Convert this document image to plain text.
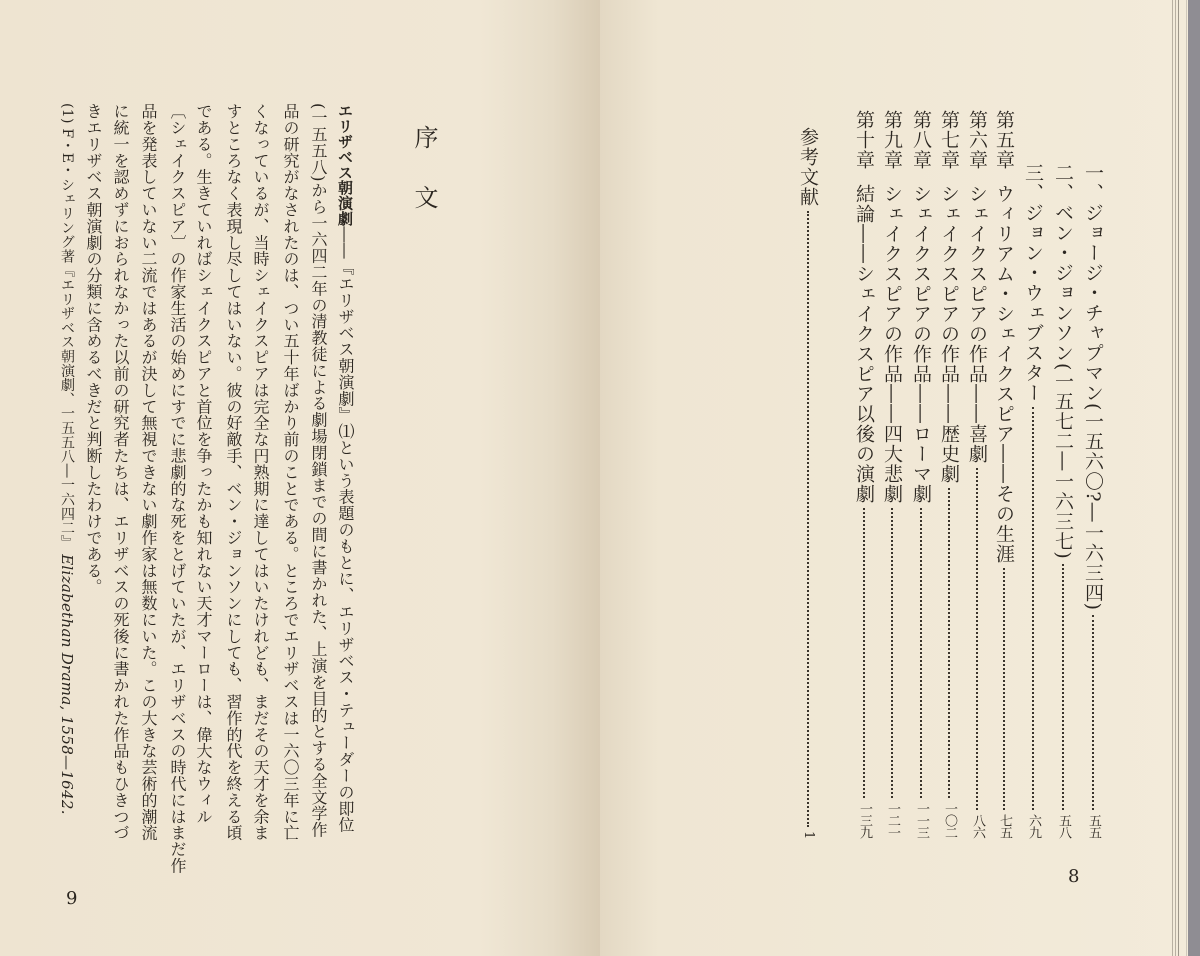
序文
エリザベス朝演劇――『エリザベス朝演劇』⑴という表題のもとに、エリザベス・テューダーの即位
(一五五八)から一六四二年の清教徒による劇場閉鎖までの間に書かれた、上演を目的とする全文学作
品の研究がなされたのは、つい五十年ばかり前のことである。ところでエリザベスは一六〇三年に亡
くなっているが、当時シェイクスピアは完全な円熟期に達してはいたけれども、まだその天才を余ま
すところなく表現し尽してはいない。彼の好敵手、ベン・ジョンソンにしても、習作的代を終える頃
である。生きていればシェイクスピアと首位を争ったかも知れない天才マーローは、偉大なウィル
〔シェイクスピア〕の作家生活の始めにすでに悲劇的な死をとげていたが、エリザベスの時代にはまだ作
品を発表していない二流ではあるが決して無視できない劇作家は無数にいた。この大きな芸術的潮流
に統一を認めずにおられなかった以前の研究者たちは、エリザベスの死後に書かれた作品もひきつづ
きエリザベス朝演劇の分類に含めるべきだと判断したわけである。
(1) F・E・シェリング著『エリザベス朝演劇、一五五八―一六四二』 Elizabethan Drama, 1558—1642.
9
一、ジョージ・チャプマン(一五六〇?―一六三四)
五五
二、ベン・ジョンソン(一五七二―一六三七)
五八
三、ジョン・ウェブスター
六九
第五章
ウィリアム・シェイクスピア――その生涯
七五
第六章
シェイクスピアの作品――喜劇
八六
第七章
シェイクスピアの作品――歴史劇
一〇二
第八章
シェイクスピアの作品――ローマ劇
一一三
第九章
シェイクスピアの作品――四大悲劇
一二一
第十章
結論――シェイクスピア以後の演劇
一三九
参考文献
1
8
